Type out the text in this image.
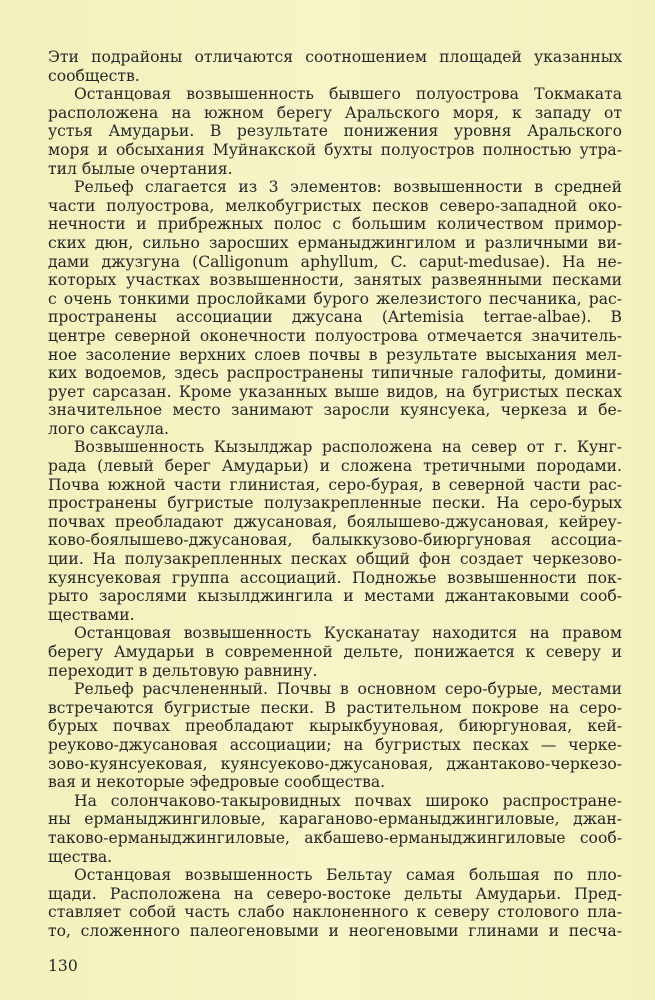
Эти подрайоны отличаются соотношением площадей указанных
сообществ.
Останцовая возвышенность бывшего полуострова Токмаката
расположена на южном берегу Аральского моря, к западу от
устья Амударьи. В результате понижения уровня Аральского
моря и обсыхания Муйнакской бухты полуостров полностью утра-
тил былые очертания.
Рельеф слагается из 3 элементов: возвышенности в средней
части полуострова, мелкобугристых песков северо-западной око-
нечности и прибрежных полос с большим количеством примор-
ских дюн, сильно заросших ерманыджингилом и различными ви-
дами джузгуна (Calligonum aphyllum, C. caput-medusae). На не-
которых участках возвышенности, занятых развеянными песками
с очень тонкими прослойками бурого железистого песчаника, рас-
пространены ассоциации джусана (Artemisia terrae-albae). В
центре северной оконечности полуострова отмечается значитель-
ное засоление верхних слоев почвы в результате высыхания мел-
ких водоемов, здесь распространены типичные галофиты, домини-
рует сарсазан. Кроме указанных выше видов, на бугристых песках
значительное место занимают заросли куянсуека, черкеза и бе-
лого саксаула.
Возвышенность Кызылджар расположена на север от г. Кунг-
рада (левый берег Амударьи) и сложена третичными породами.
Почва южной части глинистая, серо-бурая, в северной части рас-
пространены бугристые полузакрепленные пески. На серо-бурых
почвах преобладают джусановая, боялышево-джусановая, кейреу-
ково-боялышево-джусановая, балыккузово-биюргуновая ассоциа-
ции. На полузакрепленных песках общий фон создает черкезово-
куянсуековая группа ассоциаций. Подножье возвышенности пок-
рыто зарослями кызылджингила и местами джантаковыми сооб-
ществами.
Останцовая возвышенность Кусканатау находится на правом
берегу Амударьи в современной дельте, понижается к северу и
переходит в дельтовую равнину.
Рельеф расчлененный. Почвы в основном серо-бурые, местами
встречаются бугристые пески. В растительном покрове на серо-
бурых почвах преобладают кырыкбууновая, биюргуновая, кей-
реуково-джусановая ассоциации; на бугристых песках — черке-
зово-куянсуековая, куянсуеково-джусановая, джантаково-черкезо-
вая и некоторые эфедровые сообщества.
На солончаково-такыровидных почвах широко распростране-
ны ерманыджингиловые, караганово-ерманыджингиловые, джан-
таково-ерманыджингиловые, акбашево-ерманыджингиловые сооб-
щества.
Останцовая возвышенность Бельтау самая большая по пло-
щади. Расположена на северо-востоке дельты Амударьи. Пред-
ставляет собой часть слабо наклоненного к северу столового пла-
то, сложенного палеогеновыми и неогеновыми глинами и песча-
130
